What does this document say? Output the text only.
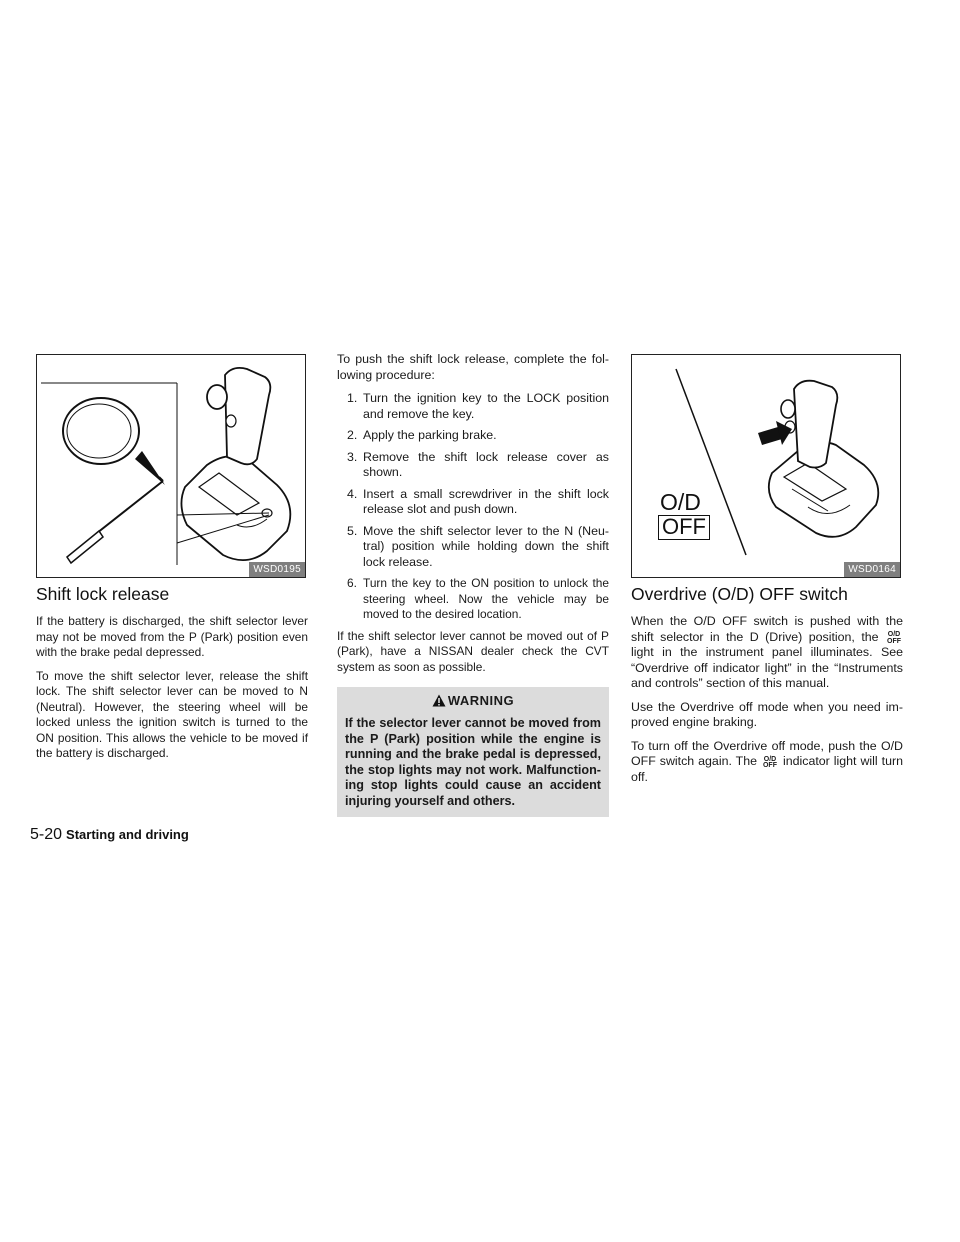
WSD0195
Shift lock release

If the battery is discharged, the shift selector lever may not be moved from the P (Park) position even with the brake pedal depressed.

To move the shift selector lever, release the shift lock. The shift selector lever can be moved to N (Neutral). However, the steering wheel will be locked unless the ignition switch is turned to the ON position. This allows the vehicle to be moved if the battery is discharged.

To push the shift lock release, complete the fol-lowing procedure:

1. Turn the ignition key to the LOCK position and remove the key.
2. Apply the parking brake.
3. Remove the shift lock release cover as shown.
4. Insert a small screwdriver in the shift lock release slot and push down.
5. Move the shift selector lever to the N (Neu-tral) position while holding down the shift lock release.
6. Turn the key to the ON position to unlock the steering wheel. Now the vehicle may be moved to the desired location.

If the shift selector lever cannot be moved out of P (Park), have a NISSAN dealer check the CVT system as soon as possible.

WARNING
If the selector lever cannot be moved from the P (Park) position while the engine is running and the brake pedal is depressed, the stop lights may not work. Malfunction-ing stop lights could cause an accident injuring yourself and others.
O/D
OFF
WSD0164
Overdrive (O/D) OFF switch

When the O/D OFF switch is pushed with the shift selector in the D (Drive) position, the O/D
OFF
light in the instrument panel illuminates. See “Overdrive off indicator light” in the “Instruments and controls” section of this manual.

Use the Overdrive off mode when you need im-proved engine braking.

To turn off the Overdrive off mode, push the O/D OFF switch again. The O/D
OFF indicator light will turn off.

5-20 Starting and driving
